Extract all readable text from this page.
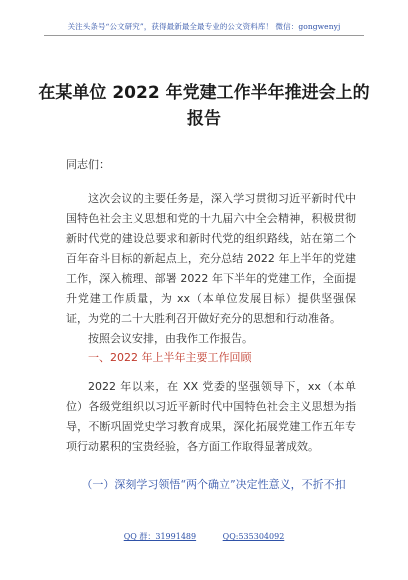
关注头条号“公文研究”，获得最新最全最专业的公文资料库！ 微信：gongwenyj
在某单位 2022 年党建工作半年推进会上的报告

同志们：

这次会议的主要任务是，深入学习贯彻习近平新时代中国特色社会主义思想和党的十九届六中全会精神，积极贯彻新时代党的建设总要求和新时代党的组织路线，站在第二个百年奋斗目标的新起点上，充分总结 2022 年上半年的党建工作，深入梳理、部署 2022 年下半年的党建工作，全面提升党建工作质量，为 xx（本单位发展目标）提供坚强保证，为党的二十大胜利召开做好充分的思想和行动准备。

按照会议安排，由我作工作报告。

一、2022 年上半年主要工作回顾

2022 年以来，在 XX 党委的坚强领导下，xx（本单位）各级党组织以习近平新时代中国特色社会主义思想为指导，不断巩固党史学习教育成果，深化拓展党建工作五年专项行动累积的宝贵经验，各方面工作取得显著成效。

（一）深刻学习领悟“两个确立”决定性意义，不折不扣

QQ 群：31991489	QQ:535304092
